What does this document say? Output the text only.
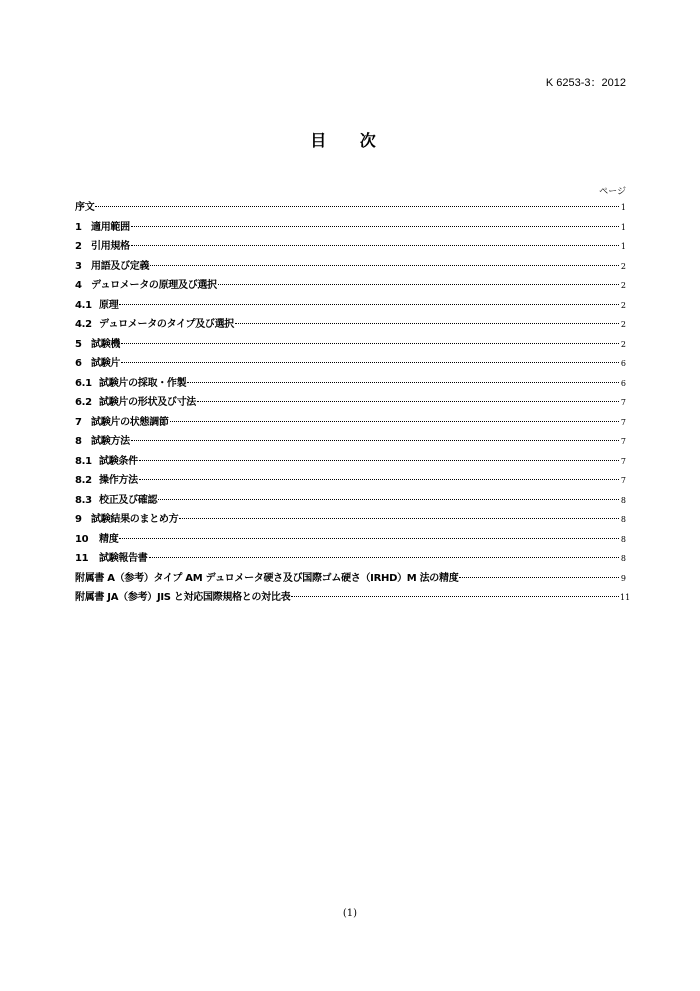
K 6253-3：2012
目 次
ページ
序文	1
1 適用範囲	1
2 引用規格	1
3 用語及び定義	2
4 デュロメータの原理及び選択	2
4.1 原理	2
4.2 デュロメータのタイプ及び選択	2
5 試験機	2
6 試験片	6
6.1 試験片の採取・作製	6
6.2 試験片の形状及び寸法	7
7 試験片の状態調節	7
8 試験方法	7
8.1 試験条件	7
8.2 操作方法	7
8.3 校正及び確認	8
9 試験結果のまとめ方	8
10 精度	8
11 試験報告書	8
附属書 A（参考）タイプ AM デュロメータ硬さ及び国際ゴム硬さ（IRHD）M 法の精度	9
附属書 JA（参考）JIS と対応国際規格との対比表	11
(1)
